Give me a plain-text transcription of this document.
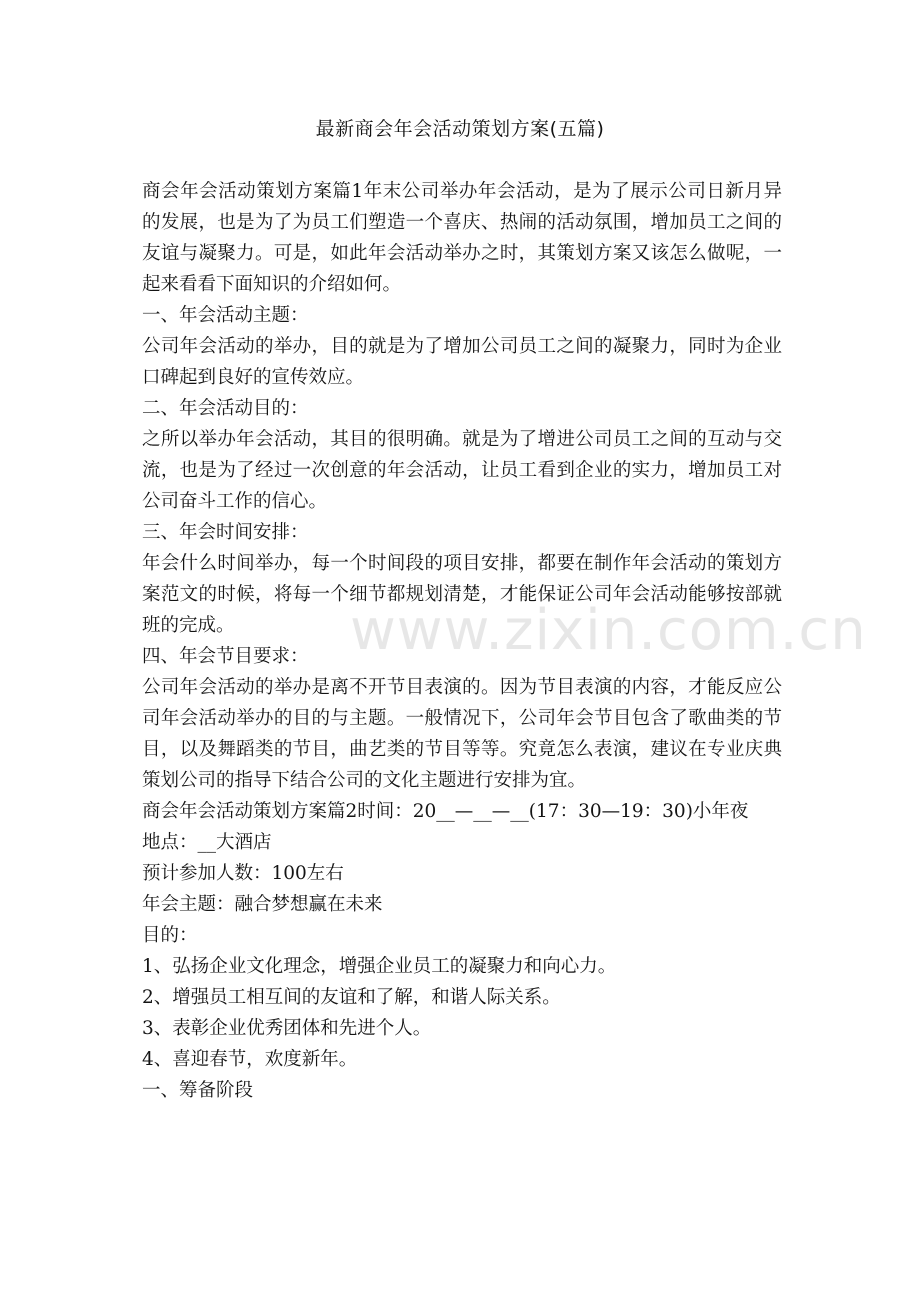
最新商会年会活动策划方案(五篇)

商会年会活动策划方案篇1年末公司举办年会活动，是为了展示公司日新月异的发展，也是为了为员工们塑造一个喜庆、热闹的活动氛围，增加员工之间的友谊与凝聚力。可是，如此年会活动举办之时，其策划方案又该怎么做呢，一起来看看下面知识的介绍如何。

一、年会活动主题：

公司年会活动的举办，目的就是为了增加公司员工之间的凝聚力，同时为企业口碑起到良好的宣传效应。

二、年会活动目的：

之所以举办年会活动，其目的很明确。就是为了增进公司员工之间的互动与交流，也是为了经过一次创意的年会活动，让员工看到企业的实力，增加员工对公司奋斗工作的信心。

三、年会时间安排：

年会什么时间举办，每一个时间段的项目安排，都要在制作年会活动的策划方案范文的时候，将每一个细节都规划清楚，才能保证公司年会活动能够按部就班的完成。

四、年会节目要求：

公司年会活动的举办是离不开节目表演的。因为节目表演的内容，才能反应公司年会活动举办的目的与主题。一般情况下，公司年会节目包含了歌曲类的节目，以及舞蹈类的节目，曲艺类的节目等等。究竟怎么表演，建议在专业庆典策划公司的指导下结合公司的文化主题进行安排为宜。

商会年会活动策划方案篇2时间：20__—__—__(17：30—19：30)小年夜

地点：__大酒店

预计参加人数：100左右

年会主题：融合梦想赢在未来

目的：

1、弘扬企业文化理念，增强企业员工的凝聚力和向心力。

2、增强员工相互间的友谊和了解，和谐人际关系。

3、表彰企业优秀团体和先进个人。

4、喜迎春节，欢度新年。

一、筹备阶段

www.zixin.com.cn
